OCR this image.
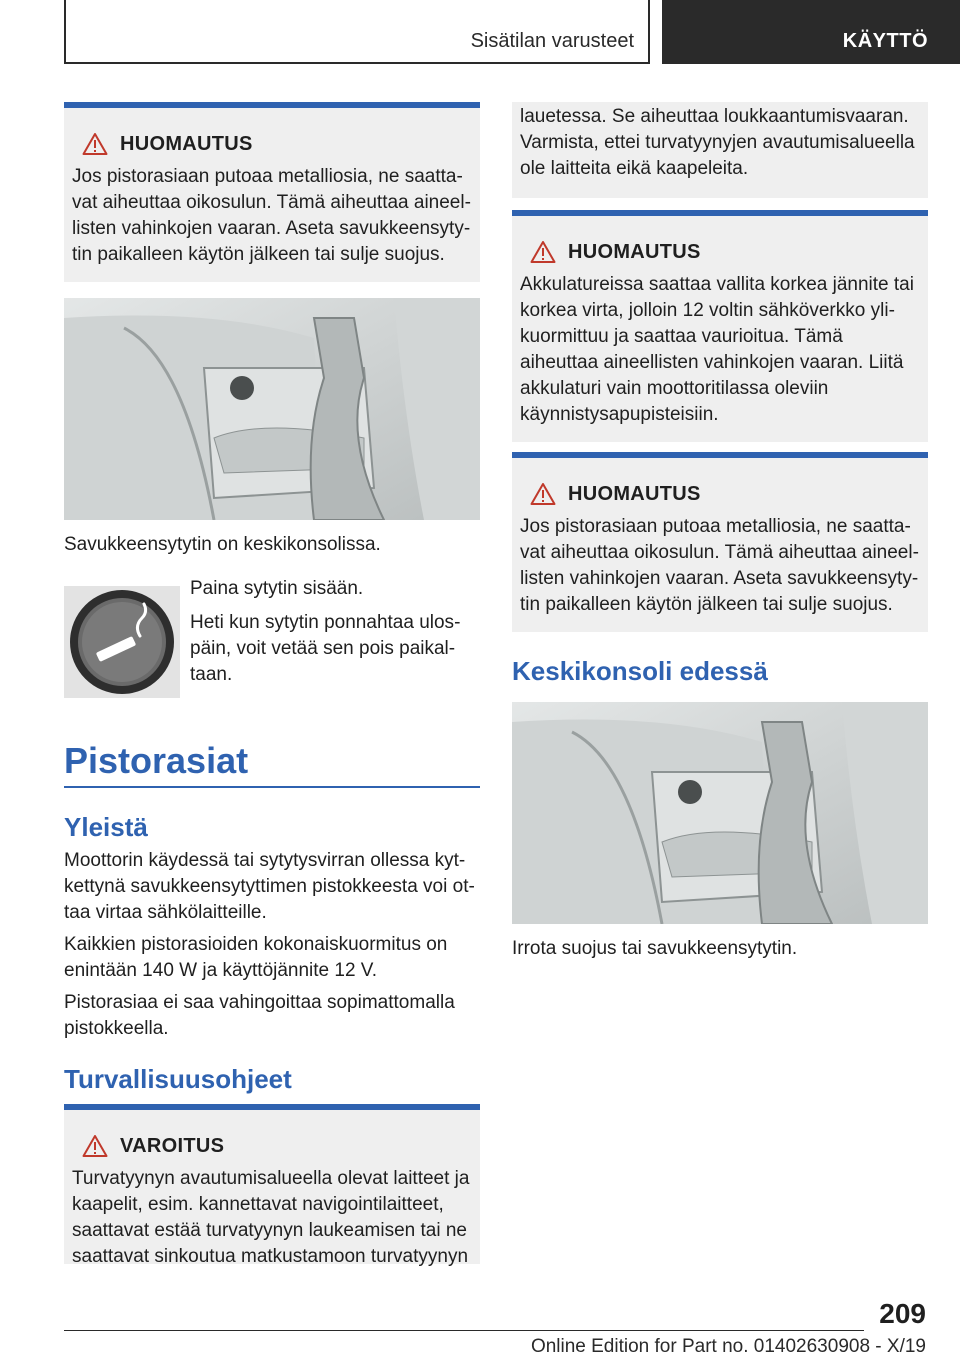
Sisätilan varusteet	KÄYTTÖ
HUOMAUTUS

Jos pistorasiaan putoaa metalliosia, ne saattavat aiheuttaa oikosulun. Tämä aiheuttaa aineellisten vahinkojen vaaran. Aseta savukkeensytytin paikalleen käytön jälkeen tai sulje suojus.

Savukkeensytytin on keskikonsolissa.
Paina sytytin sisään.
Heti kun sytytin ponnahtaa ulospäin, voit vetää sen pois paikaltaan.
Pistorasiat
Yleistä
Moottorin käydessä tai sytytysvirran ollessa kytkettynä savukkeensytyttimen pistokkeesta voi ottaa virtaa sähkölaitteille.
Kaikkien pistorasioiden kokonaiskuormitus on enintään 140 W ja käyttöjännite 12 V.
Pistorasiaa ei saa vahingoittaa sopimattomalla pistokkeella.
Turvallisuusohjeet
VAROITUS

Turvatyynyn avautumisalueella olevat laitteet ja kaapelit, esim. kannettavat navigointilaitteet, saattavat estää turvatyynyn laukeamisen tai ne saattavat sinkoutua matkustamoon turvatyynyn

lauetessa. Se aiheuttaa loukkaantumisvaaran. Varmista, ettei turvatyynyjen avautumisalueella ole laitteita eikä kaapeleita.

HUOMAUTUS

Akkulatureissa saattaa vallita korkea jännite tai korkea virta, jolloin 12 voltin sähköverkko ylikuormittuu ja saattaa vaurioitua. Tämä aiheuttaa aineellisten vahinkojen vaaran. Liitä akkulaturi vain moottoritilassa oleviin käynnistysapupisteisiin.

HUOMAUTUS

Jos pistorasiaan putoaa metalliosia, ne saattavat aiheuttaa oikosulun. Tämä aiheuttaa aineellisten vahinkojen vaaran. Aseta savukkeensytytin paikalleen käytön jälkeen tai sulje suojus.

Keskikonsoli edessä
Irrota suojus tai savukkeensytytin.
209
Online Edition for Part no. 01402630908 - X/19
